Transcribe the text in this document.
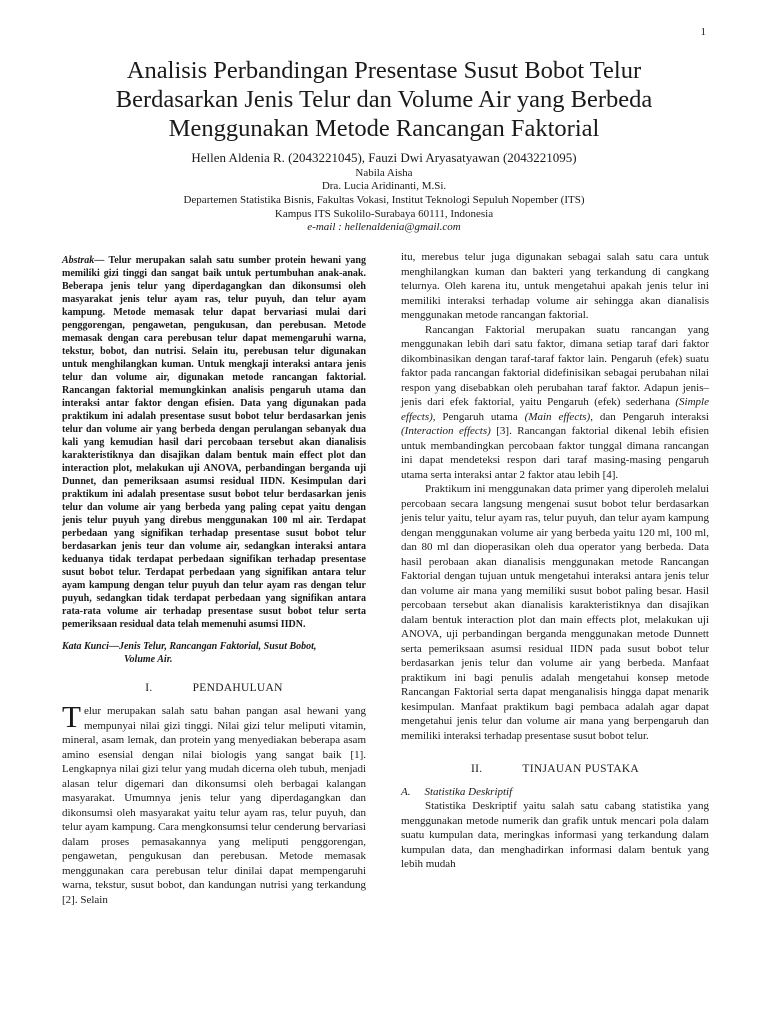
1
Analisis Perbandingan Presentase Susut Bobot Telur
Berdasarkan Jenis Telur dan Volume Air yang Berbeda
Menggunakan Metode Rancangan Faktorial
Hellen Aldenia R. (2043221045), Fauzi Dwi Aryasatyawan (2043221095)
Nabila Aisha
Dra. Lucia Aridinanti, M.Si.
Departemen Statistika Bisnis, Fakultas Vokasi, Institut Teknologi Sepuluh Nopember (ITS)
Kampus ITS Sukolilo-Surabaya 60111, Indonesia
e-mail : hellenaldenia@gmail.com

Abstrak— Telur merupakan salah satu sumber protein hewani yang memiliki gizi tinggi dan sangat baik untuk pertumbuhan anak-anak. Beberapa jenis telur yang diperdagangkan dan dikonsumsi oleh masyarakat jenis telur ayam ras, telur puyuh, dan telur ayam kampung. Metode memasak telur dapat bervariasi mulai dari penggorengan, pengawetan, pengukusan, dan perebusan. Metode memasak dengan cara perebusan telur dapat memengaruhi warna, tekstur, bobot, dan nutrisi. Selain itu, perebusan telur digunakan untuk menghilangkan kuman. Untuk mengkaji interaksi antara jenis telur dan volume air, digunakan metode rancangan faktorial. Rancangan faktorial memungkinkan analisis pengaruh utama dan interaksi antar faktor dengan efisien. Data yang digunakan pada praktikum ini adalah presentase susut bobot telur berdasarkan jenis telur dan volume air yang berbeda dengan perulangan sebanyak dua kali yang kemudian hasil dari percobaan tersebut akan dianalisis karakteristiknya dan disajikan dalam bentuk main effect plot dan interaction plot, melakukan uji ANOVA, perbandingan berganda uji Dunnet, dan pemeriksaan asumsi residual IIDN. Kesimpulan dari praktikum ini adalah presentase susut bobot telur berdasarkan jenis telur dan volume air yang berbeda yang paling cepat yaitu dengan jenis telur puyuh yang direbus menggunakan 100 ml air. Terdapat perbedaan yang signifikan terhadap presentase susut bobot telur berdasarkan jenis teur dan volume air, sedangkan interaksi antara keduanya tidak terdapat perbedaan signifikan terhadap presentase susut bobot telur. Terdapat perbedaan yang signifikan antara telur ayam kampung dengan telur puyuh dan telur ayam ras dengan telur puyuh, sedangkan tidak terdapat perbedaan yang signifikan antara rata-rata volume air terhadap presentase susut bobot telur serta pemeriksaan residual data telah memenuhi asumsi IIDN.

Kata Kunci—Jenis Telur, Rancangan Faktorial, Susut Bobot,
Volume Air.

I.	PENDAHULUAN

Telur merupakan salah satu bahan pangan asal hewani yang mempunyai nilai gizi tinggi. Nilai gizi telur meliputi vitamin, mineral, asam lemak, dan protein yang menyediakan beberapa asam amino esensial dengan nilai biologis yang sangat baik [1]. Lengkapnya nilai gizi telur yang mudah dicerna oleh tubuh, menjadi alasan telur digemari dan dikonsumsi oleh berbagai kalangan masyarakat. Umumnya jenis telur yang diperdagangkan dan dikonsumsi oleh masyarakat yaitu telur ayam ras, telur puyuh, dan telur ayam kampung. Cara mengkonsumsi telur cenderung bervariasi dalam proses pemasakannya yang meliputi penggorengan, pengawetan, pengukusan dan perebusan. Metode memasak menggunakan cara perebusan telur dinilai dapat mempengaruhi warna, tekstur, susut bobot, dan kandungan nutrisi yang terkandung [2]. Selain

itu, merebus telur juga digunakan sebagai salah satu cara untuk menghilangkan kuman dan bakteri yang terkandung di cangkang telurnya. Oleh karena itu, untuk mengetahui apakah jenis telur ini memiliki interaksi terhadap volume air sehingga akan dianalisis menggunakan metode rancangan faktorial.

Rancangan Faktorial merupakan suatu rancangan yang menggunakan lebih dari satu faktor, dimana setiap taraf dari faktor dikombinasikan dengan taraf-taraf faktor lain. Pengaruh (efek) suatu faktor pada rancangan faktorial didefinisikan sebagai perubahan nilai respon yang disebabkan oleh perubahan taraf faktor. Adapun jenis–jenis dari efek faktorial, yaitu Pengaruh (efek) sederhana (Simple effects), Pengaruh utama (Main effects), dan Pengaruh interaksi (Interaction effects) [3]. Rancangan faktorial dikenal lebih efisien untuk membandingkan percobaan faktor tunggal dimana rancangan ini dapat mendeteksi respon dari taraf masing-masing pengaruh utama serta interaksi antar 2 faktor atau lebih [4].

Praktikum ini menggunakan data primer yang diperoleh melalui percobaan secara langsung mengenai susut bobot telur berdasarkan jenis telur yaitu, telur ayam ras, telur puyuh, dan telur ayam kampung dengan menggunakan volume air yang berbeda yaitu 120 ml, 100 ml, dan 80 ml dan dioperasikan oleh dua operator yang berbeda. Data hasil perobaan akan dianalisis menggunakan metode Rancangan Faktorial dengan tujuan untuk mengetahui interaksi antara jenis telur dan volume air mana yang memiliki susut bobot paling besar. Hasil percobaan tersebut akan dianalisis karakteristiknya dan disajikan dalam bentuk interaction plot dan main effects plot, melakukan uji ANOVA, uji perbandingan berganda menggunakan metode Dunnett serta pemeriksaan asumsi residual IIDN pada susut bobot telur berdasarkan jenis telur dan volume air yang berbeda. Manfaat praktikum ini bagi penulis adalah mengetahui konsep metode Rancangan Faktorial serta dapat menganalisis hingga dapat menarik kesimpulan. Manfaat praktikum bagi pembaca adalah agar dapat mengetahui jenis telur dan volume air mana yang berpengaruh dan memiliki interaksi terhadap presentase susut bobot telur.

II.	TINJAUAN PUSTAKA

A. Statistika Deskriptif

Statistika Deskriptif yaitu salah satu cabang statistika yang menggunakan metode numerik dan grafik untuk mencari pola dalam suatu kumpulan data, meringkas informasi yang terkandung dalam kumpulan data, dan menghadirkan informasi dalam bentuk yang lebih mudah
